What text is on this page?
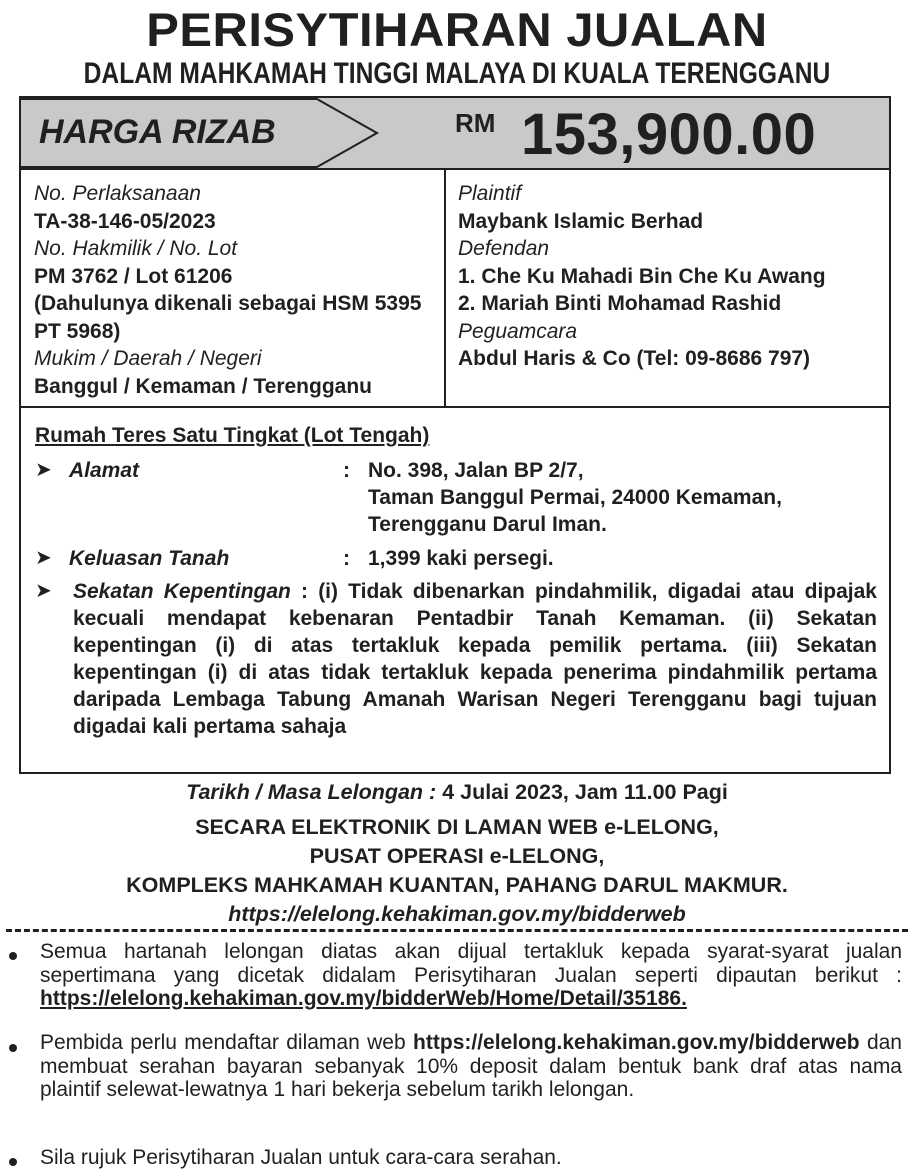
PERISYTIHARAN JUALAN
DALAM MAHKAMAH TINGGI MALAYA DI KUALA TERENGGANU
HARGA RIZAB	RM 153,900.00
No. Perlaksanaan
TA-38-146-05/2023
No. Hakmilik / No. Lot
PM 3762 / Lot 61206
(Dahulunya dikenali sebagai HSM 5395 PT 5968)
Mukim / Daerah / Negeri
Banggul / Kemaman / Terengganu
Plaintif
Maybank Islamic Berhad
Defendan
1. Che Ku Mahadi Bin Che Ku Awang
2. Mariah Binti Mohamad Rashid
Peguamcara
Abdul Haris & Co (Tel: 09-8686 797)
Rumah Teres Satu Tingkat (Lot Tengah)
➤ Alamat	: No. 398, Jalan BP 2/7,
Taman Banggul Permai, 24000 Kemaman,
Terengganu Darul Iman.
➤ Keluasan Tanah	: 1,399 kaki persegi.
➤ Sekatan Kepentingan : (i) Tidak dibenarkan pindahmilik, digadai atau dipajak kecuali mendapat kebenaran Pentadbir Tanah Kemaman. (ii) Sekatan kepentingan (i) di atas tertakluk kepada pemilik pertama. (iii) Sekatan kepentingan (i) di atas tidak tertakluk kepada penerima pindahmilik pertama daripada Lembaga Tabung Amanah Warisan Negeri Terengganu bagi tujuan digadai kali pertama sahaja
Tarikh / Masa Lelongan : 4 Julai 2023, Jam 11.00 Pagi
SECARA ELEKTRONIK DI LAMAN WEB e-LELONG,
PUSAT OPERASI e-LELONG,
KOMPLEKS MAHKAMAH KUANTAN, PAHANG DARUL MAKMUR.
https://elelong.kehakiman.gov.my/bidderweb
Semua hartanah lelongan diatas akan dijual tertakluk kepada syarat-syarat jualan sepertimana yang dicetak didalam Perisytiharan Jualan seperti dipautan berikut : https://elelong.kehakiman.gov.my/bidderWeb/Home/Detail/35186.
Pembida perlu mendaftar dilaman web https://elelong.kehakiman.gov.my/bidderweb dan membuat serahan bayaran sebanyak 10% deposit dalam bentuk bank draf atas nama plaintif selewat-lewatnya 1 hari bekerja sebelum tarikh lelongan.
Sila rujuk Perisytiharan Jualan untuk cara-cara serahan.
